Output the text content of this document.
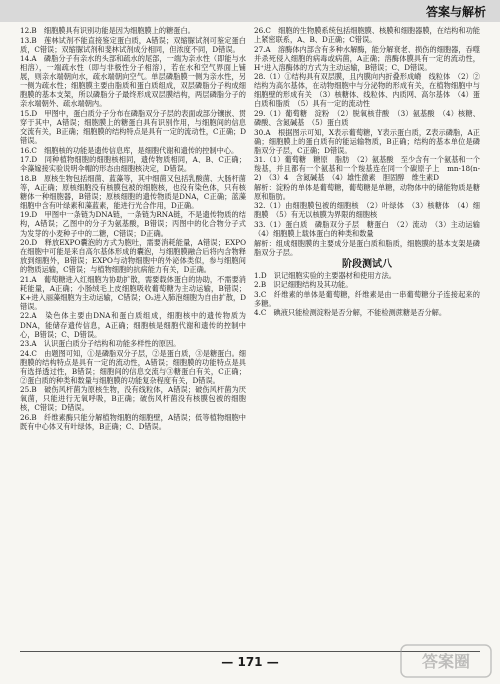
答案与解析

12.B　细胞膜具有识别功能是因为细胞膜上的糖蛋白。

13.B　莲林试剂不能直接鉴定蛋白质，A错误；双缩脲试剂可鉴定蛋白质，C错误；双缩脲试剂和斐林试剂成分相同，但浓度不同，D错误。

14.A　磷脂分子有亲水的头部和疏水的尾部，一端为亲水性（即能与水相溶），一端疏水性（即与非极性分子相溶），若在水和空气界面上铺展，则亲水端朝向水，疏水端朝向空气。单层磷脂膜一侧为亲水性，另一侧为疏水性；细胞膜主要由脂质和蛋白质组成，双层磷脂分子构成细胞膜的基本支架，所以磷脂分子最终形成双层膜结构，两层磷脂分子的亲水端朝外、疏水端朝内。

15.D　甲图中，蛋白质分子分布在磷脂双分子层的表面或部分镶嵌、贯穿于其中，A错误；细胞膜上的糖蛋白具有识别作用，与细胞间的信息交流有关，B正确；细胞膜的结构特点是具有一定的流动性，C正确；D错误。

16.C　细胞核的功能是遗传信息库，是细胞代谢和遗传的控制中心。

17.D　同种植物细胞的细胞核相同，遗传物质相同，A、B、C正确；伞藻嫁接实验说明伞帽的形态由细胞核决定，D错误。

18.B　原核生物包括细菌、蓝藻等，其中细菌又包括乳酸菌、大肠杆菌等，A正确；原核细胞没有核膜包被的细胞核，也没有染色体，只有核糖体一种细胞器，B错误；原核细胞的遗传物质是DNA，C正确；蓝藻细胞中含有叶绿素和藻蓝素，能进行光合作用，D正确。

19.D　甲图中一条链为DNA链，一条链为RNA链，不是遗传物质的结构，A错误；乙图中的分子为氨基酸，B错误；丙图中的化合物分子式为发芽的小麦种子中的二糖，C错误；D正确。

20.D　释放EXPO囊泡的方式为胞吐，需要消耗能量，A错误；EXPO在细胞中可能是来自高尔基体形成的囊泡，与细胞膜融合后将内含物释放到细胞外，B错误；EXPO与动物细胞中的外泌体类似，参与细胞间的物质运输，C错误；与植物细胞的抗病能力有关，D正确。

21.A　葡萄糖进入红细胞为协助扩散，需要载体蛋白的协助，不需要消耗能量，A正确；小肠绒毛上皮细胞吸收葡萄糖为主动运输，B错误；K+进入丽藻细胞为主动运输，C错误；O₂进入肺泡细胞为自由扩散，D错误。

22.A　染色体主要由DNA和蛋白质组成，细胞核中的遗传物质为DNA，能储存遗传信息，A正确；细胞核是细胞代谢和遗传的控制中心，B错误；C、D错误。

23.A　认识蛋白质分子结构和功能多样性的原因。

24.C　由题图可知，①是磷脂双分子层，②是蛋白质，③是糖蛋白。细胞膜的结构特点是具有一定的流动性，A错误；细胞膜的功能特点是具有选择透过性，B错误；细胞间的信息交流与③糖蛋白有关，C正确；②蛋白质的种类和数量与细胞膜的功能复杂程度有关，D错误。

25.B　破伤风杆菌为原核生物，没有线粒体，A错误；破伤风杆菌为厌氧菌，只能进行无氧呼吸，B正确；破伤风杆菌没有核膜包被的细胞核，C错误；D错误。

26.B　纤维素酶只能分解植物细胞的细胞壁，A错误；低等植物细胞中既有中心体又有叶绿体，B正确；C、D错误。

26.C　细胞的生物膜系统包括细胞膜、核膜和细胞器膜，在结构和功能上紧密联系，A、B、D正确；C错误。

27.A　溶酶体内部含有多种水解酶，能分解衰老、损伤的细胞器，吞噬并杀死侵入细胞的病毒或病菌，A正确；溶酶体膜具有一定的流动性，H⁺进入溶酶体的方式为主动运输，B错误；C、D错误。

28.（1）①结构具有双层膜，且内膜向内折叠形成嵴　线粒体　（2）②结构为高尔基体，在动物细胞中与分泌物的形成有关，在植物细胞中与细胞壁的形成有关　（3）核糖体、线粒体、内质网、高尔基体　（4）蛋白质和脂质　（5）具有一定的流动性

29.（1）葡萄糖　淀粉　（2）脱氧核苷酸　（3）氨基酸　（4）核糖、磷酸、含氮碱基　（5）蛋白质

30.A　根据图示可知，X表示葡萄糖，Y表示蛋白质，Z表示磷脂，A正确；细胞膜上的蛋白质有的能运输物质，B正确；结构的基本单位是磷脂双分子层，C正确；D错误。

31.（1）葡萄糖　糖原　脂肪　（2）氨基酸　至少含有一个氨基和一个羧基，并且都有一个氨基和一个羧基连在同一个碳原子上　mn-18(n-2)　（3）4　含氮碱基　（4）雄性激素　胆固醇　维生素D

解析：淀粉的单体是葡萄糖，葡萄糖是单糖，动物体中的储能物质是糖原和脂肪。

32.（1）由细胞膜包被的细胞核　（2）叶绿体　（3）核糖体　（4）细胞膜　（5）有无以核膜为界限的细胞核

33.（1）蛋白质　磷脂双分子层　糖蛋白　（2）流动　（3）主动运输　（4）细胞膜上载体蛋白的种类和数量

解析：组成细胞膜的主要成分是蛋白质和脂质，细胞膜的基本支架是磷脂双分子层。

阶段测试八

1.D　识记细胞实验的主要器材和使用方法。

2.B　识记细胞结构及其功能。

3.C　纤维素的单体是葡萄糖，纤维素是由一串葡萄糖分子连接起来的多糖。

4.C　碘液只能检测淀粉是否分解，不能检测蔗糖是否分解。

— 171 —	答案圈
